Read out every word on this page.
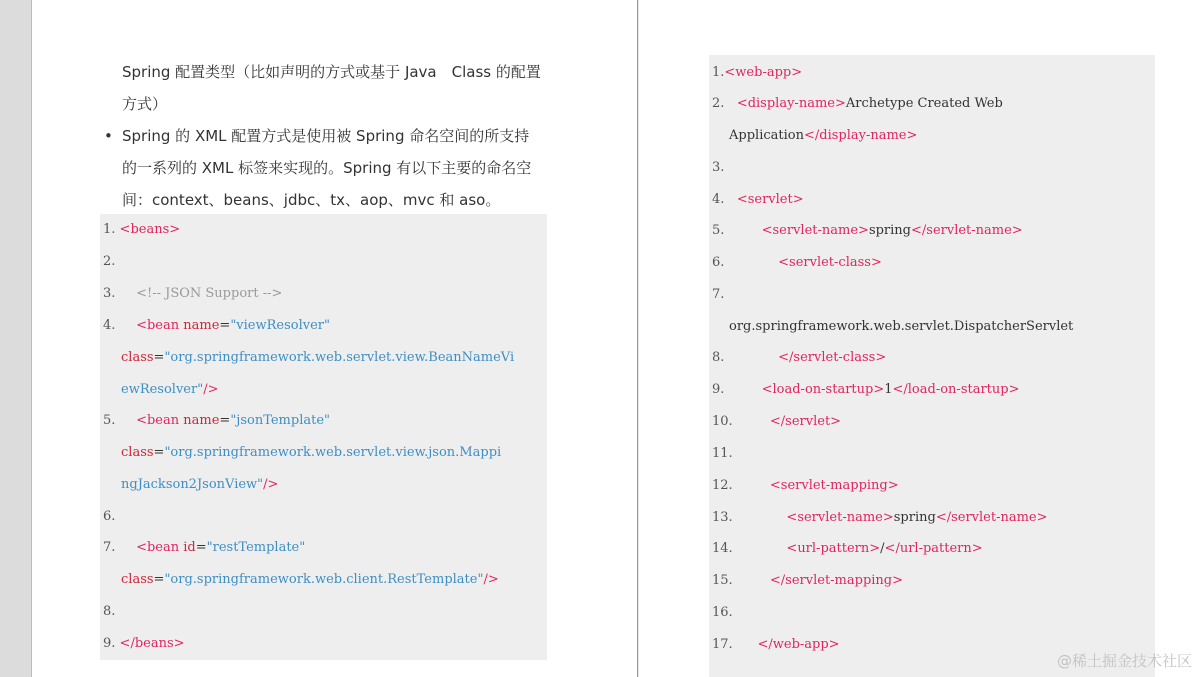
Spring 配置类型（比如声明的方式或基于 Java　Class 的配置
方式）
• Spring 的 XML 配置方式是使用被 Spring 命名空间的所支持
的一系列的 XML 标签来实现的。Spring 有以下主要的命名空
间：context、beans、jdbc、tx、aop、mvc 和 aso。
1. <beans>
2.
3. <!-- JSON Support -->
4. <bean name="viewResolver"
class="org.springframework.web.servlet.view.BeanNameVi
ewResolver"/>
5. <bean name="jsonTemplate"
class="org.springframework.web.servlet.view.json.Mappi
ngJackson2JsonView"/>
6.
7. <bean id="restTemplate"
class="org.springframework.web.client.RestTemplate"/>
8.
9. </beans>
1.<web-app>
2. <display-name>Archetype Created Web
Application</display-name>
3.
4. <servlet>
5.	<servlet-name>spring</servlet-name>
6.	<servlet-class>
7.
org.springframework.web.servlet.DispatcherServlet
8.	</servlet-class>
9.	<load-on-startup>1</load-on-startup>
10.	</servlet>
11.
12.	<servlet-mapping>
13.	<servlet-name>spring</servlet-name>
14.	<url-pattern>/</url-pattern>
15.	</servlet-mapping>
16.
17. </web-app>
@稀土掘金技术社区
